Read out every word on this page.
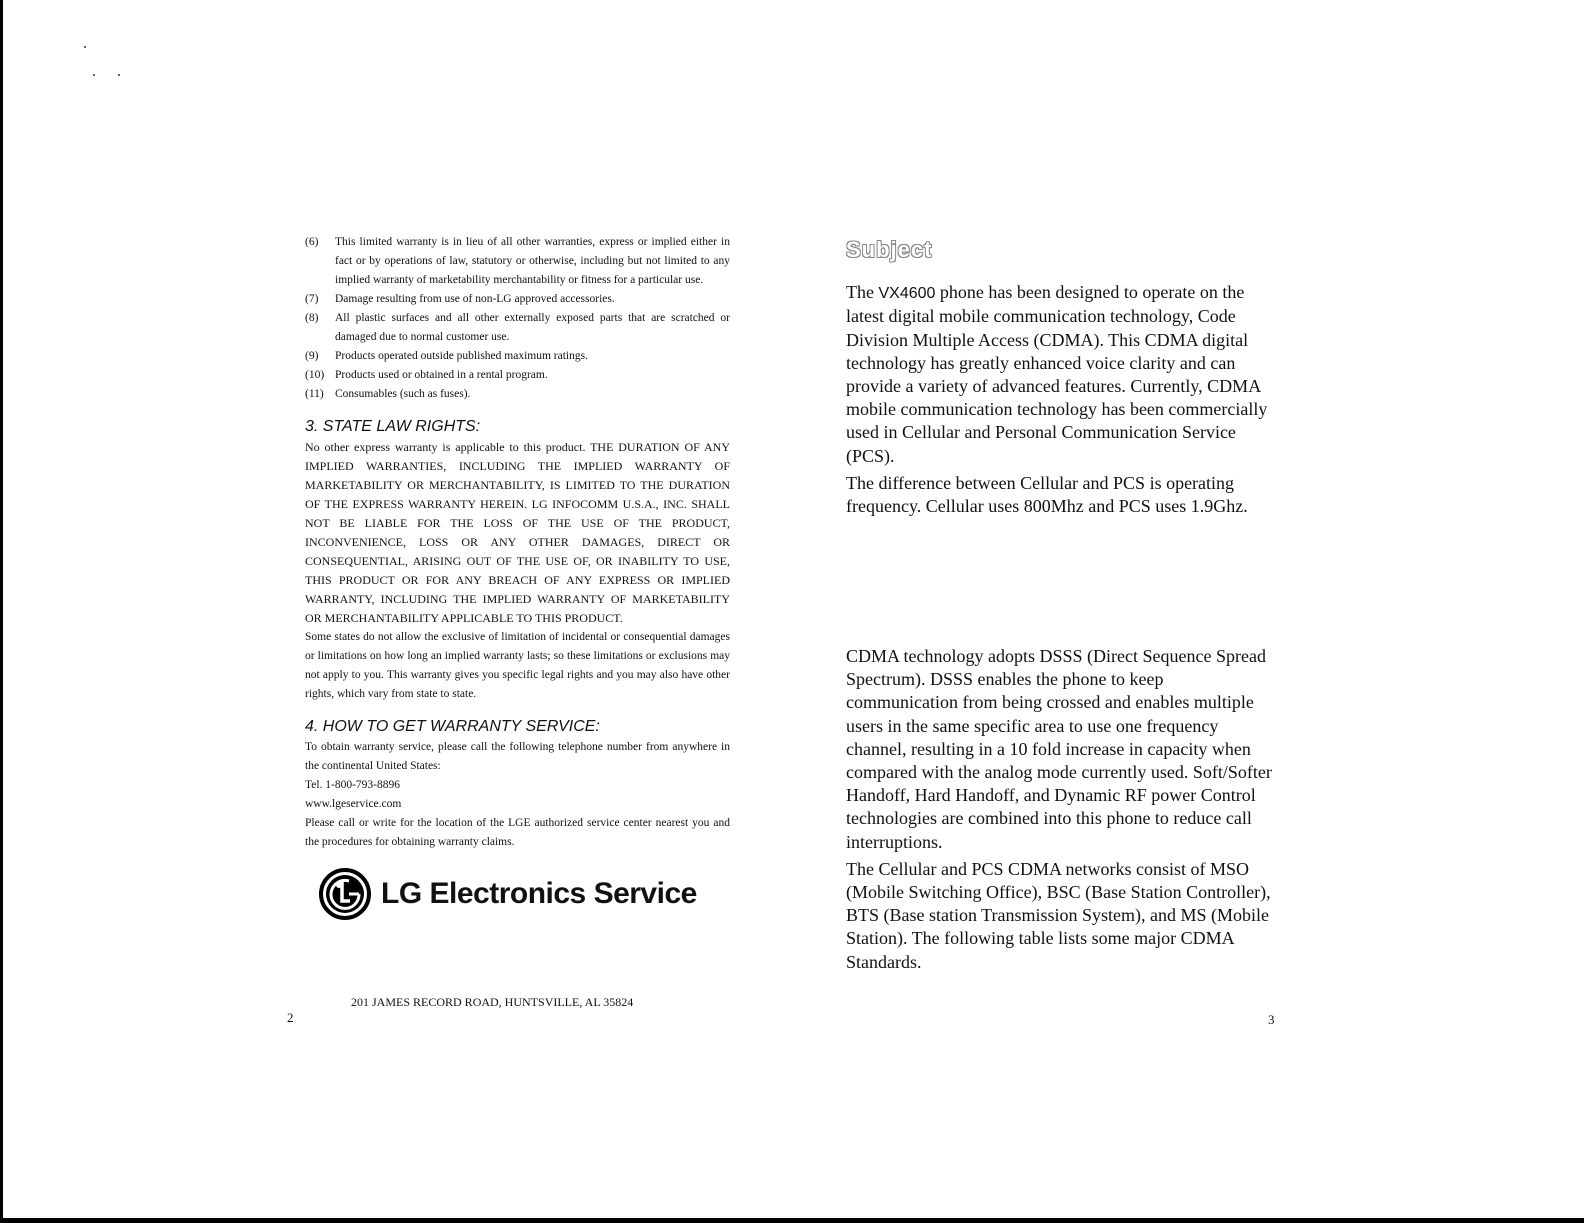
(6)	This limited warranty is in lieu of all other warranties, express or implied either in fact or by operations of law, statutory or otherwise, including but not limited to any implied warranty of marketability merchantability or fitness for a particular use.
(7)	Damage resulting from use of non-LG approved accessories.
(8)	All plastic surfaces and all other externally exposed parts that are scratched or damaged due to normal customer use.
(9)	Products operated outside published maximum ratings.
(10) Products used or obtained in a rental program.
(11) Consumables (such as fuses).
3. STATE LAW RIGHTS:

No other express warranty is applicable to this product. THE DURATION OF ANY IMPLIED WARRANTIES, INCLUDING THE IMPLIED WARRANTY OF MARKETABILITY OR MERCHANTABILITY, IS LIMITED TO THE DURATION OF THE EXPRESS WARRANTY HEREIN. LG INFOCOMM U.S.A., INC. SHALL NOT BE LIABLE FOR THE LOSS OF THE USE OF THE PRODUCT, INCONVENIENCE, LOSS OR ANY OTHER DAMAGES, DIRECT OR CONSEQUENTIAL, ARISING OUT OF THE USE OF, OR INABILITY TO USE, THIS PRODUCT OR FOR ANY BREACH OF ANY EXPRESS OR IMPLIED WARRANTY, INCLUDING THE IMPLIED WARRANTY OF MARKETABILITY OR MERCHANTABILITY APPLICABLE TO THIS PRODUCT.

Some states do not allow the exclusive of limitation of incidental or consequential damages or limitations on how long an implied warranty lasts; so these limitations or exclusions may not apply to you. This warranty gives you specific legal rights and you may also have other rights, which vary from state to state.

4. HOW TO GET WARRANTY SERVICE:

To obtain warranty service, please call the following telephone number from anywhere in the continental United States:

Tel. 1-800-793-8896

www.lgeservice.com

Please call or write for the location of the LGE authorized service center nearest you and the procedures for obtaining warranty claims.

LG Electronics Service
201 JAMES RECORD ROAD, HUNTSVILLE, AL 35824
2
Subject

The VX4600 phone has been designed to operate on the latest digital mobile communication technology, Code Division Multiple Access (CDMA). This CDMA digital technology has greatly enhanced voice clarity and can provide a variety of advanced features. Currently, CDMA mobile communication technology has been commercially used in Cellular and Personal Communication Service (PCS).

The difference between Cellular and PCS is operating frequency. Cellular uses 800Mhz and PCS uses 1.9Ghz.

CDMA technology adopts DSSS (Direct Sequence Spread Spectrum). DSSS enables the phone to keep communication from being crossed and enables multiple users in the same specific area to use one frequency channel, resulting in a 10 fold increase in capacity when compared with the analog mode currently used. Soft/Softer Handoff, Hard Handoff, and Dynamic RF power Control technologies are combined into this phone to reduce call interruptions.

The Cellular and PCS CDMA networks consist of MSO (Mobile Switching Office), BSC (Base Station Controller), BTS (Base station Transmission System), and MS (Mobile Station). The following table lists some major CDMA Standards.

3
